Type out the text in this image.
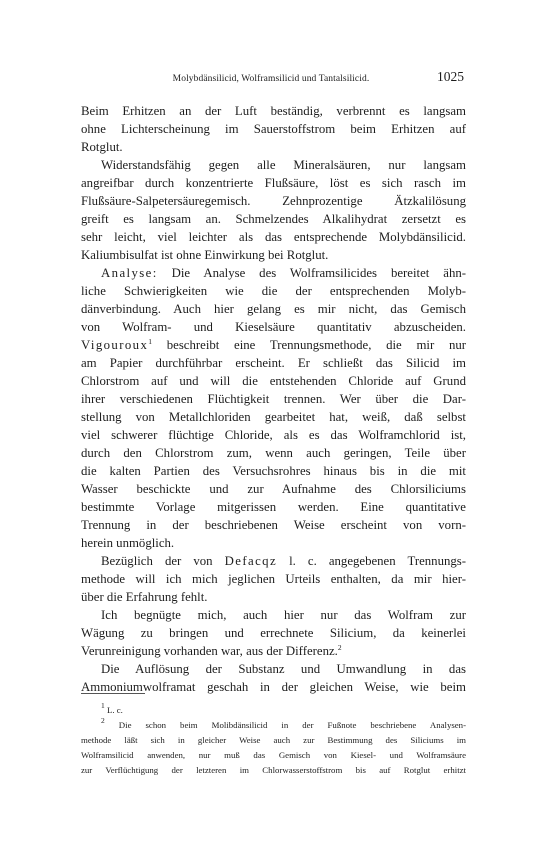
Molybdänsilicid, Wolframsilicid und Tantalsilicid.	1025
Beim Erhitzen an der Luft beständig, verbrennt es langsam
ohne Lichterscheinung im Sauerstoffstrom beim Erhitzen auf
Rotglut.
Widerstandsfähig gegen alle Mineralsäuren, nur langsam
angreifbar durch konzentrierte Flußsäure, löst es sich rasch im
Flußsäure-Salpetersäuregemisch. Zehnprozentige Ätzkalilösung
greift es langsam an. Schmelzendes Alkalihydrat zersetzt es
sehr leicht, viel leichter als das entsprechende Molybdänsilicid.
Kaliumbisulfat ist ohne Einwirkung bei Rotglut.
Analyse: Die Analyse des Wolframsilicides bereitet ähn-
liche Schwierigkeiten wie die der entsprechenden Molyb-
dänverbindung. Auch hier gelang es mir nicht, das Gemisch
von Wolfram- und Kieselsäure quantitativ abzuscheiden.
Vigouroux$^1$ beschreibt eine Trennungsmethode, die mir nur
am Papier durchführbar erscheint. Er schließt das Silicid im
Chlorstrom auf und will die entstehenden Chloride auf Grund
ihrer verschiedenen Flüchtigkeit trennen. Wer über die Dar-
stellung von Metallchloriden gearbeitet hat, weiß, daß selbst
viel schwerer flüchtige Chloride, als es das Wolframchlorid ist,
durch den Chlorstrom zum, wenn auch geringen, Teile über
die kalten Partien des Versuchsrohres hinaus bis in die mit
Wasser beschickte und zur Aufnahme des Chlorsiliciums
bestimmte Vorlage mitgerissen werden. Eine quantitative
Trennung in der beschriebenen Weise erscheint von vorn-
herein unmöglich.
Bezüglich der von Defacqz l. c. angegebenen Trennungs-
methode will ich mich jeglichen Urteils enthalten, da mir hier-
über die Erfahrung fehlt.
Ich begnügte mich, auch hier nur das Wolfram zur
Wägung zu bringen und errechnete Silicium, da keinerlei
Verunreinigung vorhanden war, aus der Differenz.$^2$
Die Auflösung der Substanz und Umwandlung in das
Ammoniumwolframat geschah in der gleichen Weise, wie beim
$^1$ L. c.
$^2$ Die schon beim Molibdänsilicid in der Fußnote beschriebene Analysen-
methode läßt sich in gleicher Weise auch zur Bestimmung des Siliciums im
Wolframsilicid anwenden, nur muß das Gemisch von Kiesel- und Wolframsäure
zur Verflüchtigung der letzteren im Chlorwasserstoffstrom bis auf Rotglut erhitzt
